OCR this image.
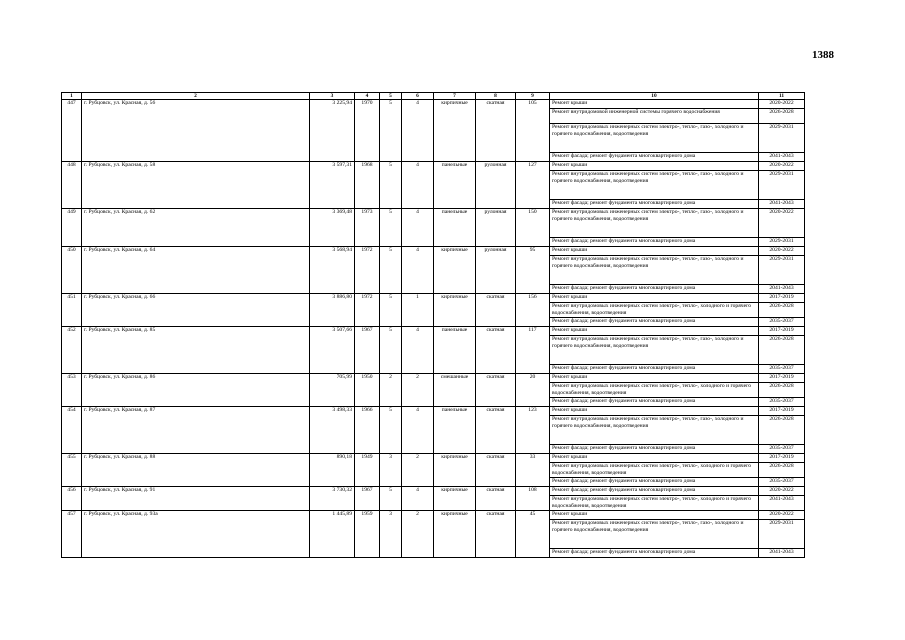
1388
1	2	3	4	5	6	7	8	9	10	11
447	г. Рубцовск, ул. Красная, д. 56	3 225,94	1970	5	4	кирпичные	скатная	105	Ремонт крыши	2020-2022
									Ремонт внутридомовой инженерной системы горячего водоснабжения	2026-2028
									Ремонт внутридомовых инженерных систем электро-, тепло-, газо-, холодного и горячего водоснабжения, водоотведения	2029-2031
									Ремонт фасада; ремонт фундамента многоквартирного дома	2041-2043
448	г. Рубцовск, ул. Красная, д. 58	3 597,31	1968	5	4	панельные	рулонная	127	Ремонт крыши	2020-2022
									Ремонт внутридомовых инженерных систем электро-, тепло-, газо-, холодного и горячего водоснабжения, водоотведения	2029-2031
									Ремонт фасада; ремонт фундамента многоквартирного дома	2041-2043
449	г. Рубцовск, ул. Красная, д. 62	3 369,48	1973	5	4	панельные	рулонная	150	Ремонт внутридомовых инженерных систем электро-, тепло-, газо-, холодного и горячего водоснабжения, водоотведения	2020-2022
									Ремонт фасада; ремонт фундамента многоквартирного дома	2029-2031
450	г. Рубцовск, ул. Красная, д. 64	3 568,94	1972	5	4	кирпичные	рулонная	95	Ремонт крыши	2020-2022
									Ремонт внутридомовых инженерных систем электро-, тепло-, газо-, холодного и горячего водоснабжения, водоотведения	2029-2031
									Ремонт фасада; ремонт фундамента многоквартирного дома	2041-2043
451	г. Рубцовск, ул. Красная, д. 66	3 886,80	1972	5	1	кирпичные	скатная	156	Ремонт крыши	2017-2019
									Ремонт внутридомовых инженерных систем электро-, тепло-, холодного и горячего водоснабжения, водоотведения	2026-2028
									Ремонт фасада; ремонт фундамента многоквартирного дома	2035-2037
452	г. Рубцовск, ул. Красная, д. 85	3 507,66	1967	5	4	панельные	скатная	117	Ремонт крыши	2017-2019
									Ремонт внутридомовых инженерных систем электро-, тепло-, газо-, холодного и горячего водоснабжения, водоотведения	2026-2028
									Ремонт фасада; ремонт фундамента многоквартирного дома	2035-2037
453	г. Рубцовск, ул. Красная, д. 86	705,99	1950	2	2	смешанные	скатная	20	Ремонт крыши	2017-2019
									Ремонт внутридомовых инженерных систем электро-, тепло-, холодного и горячего водоснабжения, водоотведения	2026-2028
									Ремонт фасада; ремонт фундамента многоквартирного дома	2035-2037
454	г. Рубцовск, ул. Красная, д. 87	3 498,33	1966	5	4	панельные	скатная	123	Ремонт крыши	2017-2019
									Ремонт внутридомовых инженерных систем электро-, тепло-, газо-, холодного и горячего водоснабжения, водоотведения	2026-2028
									Ремонт фасада; ремонт фундамента многоквартирного дома	2035-2037
455	г. Рубцовск, ул. Красная, д. 88	890,18	1949	3	2	кирпичные	скатная	33	Ремонт крыши	2017-2019
									Ремонт внутридомовых инженерных систем электро-, тепло-, холодного и горячего водоснабжения, водоотведения	2026-2028
									Ремонт фасада; ремонт фундамента многоквартирного дома	2035-2037
456	г. Рубцовск, ул. Красная, д. 91	3 730,32	1967	5	4	кирпичные	скатная	108	Ремонт фасада; ремонт фундамента многоквартирного дома	2020-2022
									Ремонт внутридомовых инженерных систем электро-, тепло-, холодного и горячего водоснабжения, водоотведения	2041-2043
457	г. Рубцовск, ул. Красная, д. 93а	1 445,89	1959	3	2	кирпичные	скатная	45	Ремонт крыши	2020-2022
									Ремонт внутридомовых инженерных систем электро-, тепло-, газо-, холодного и горячего водоснабжения, водоотведения	2029-2031
									Ремонт фасада; ремонт фундамента многоквартирного дома	2041-2043
